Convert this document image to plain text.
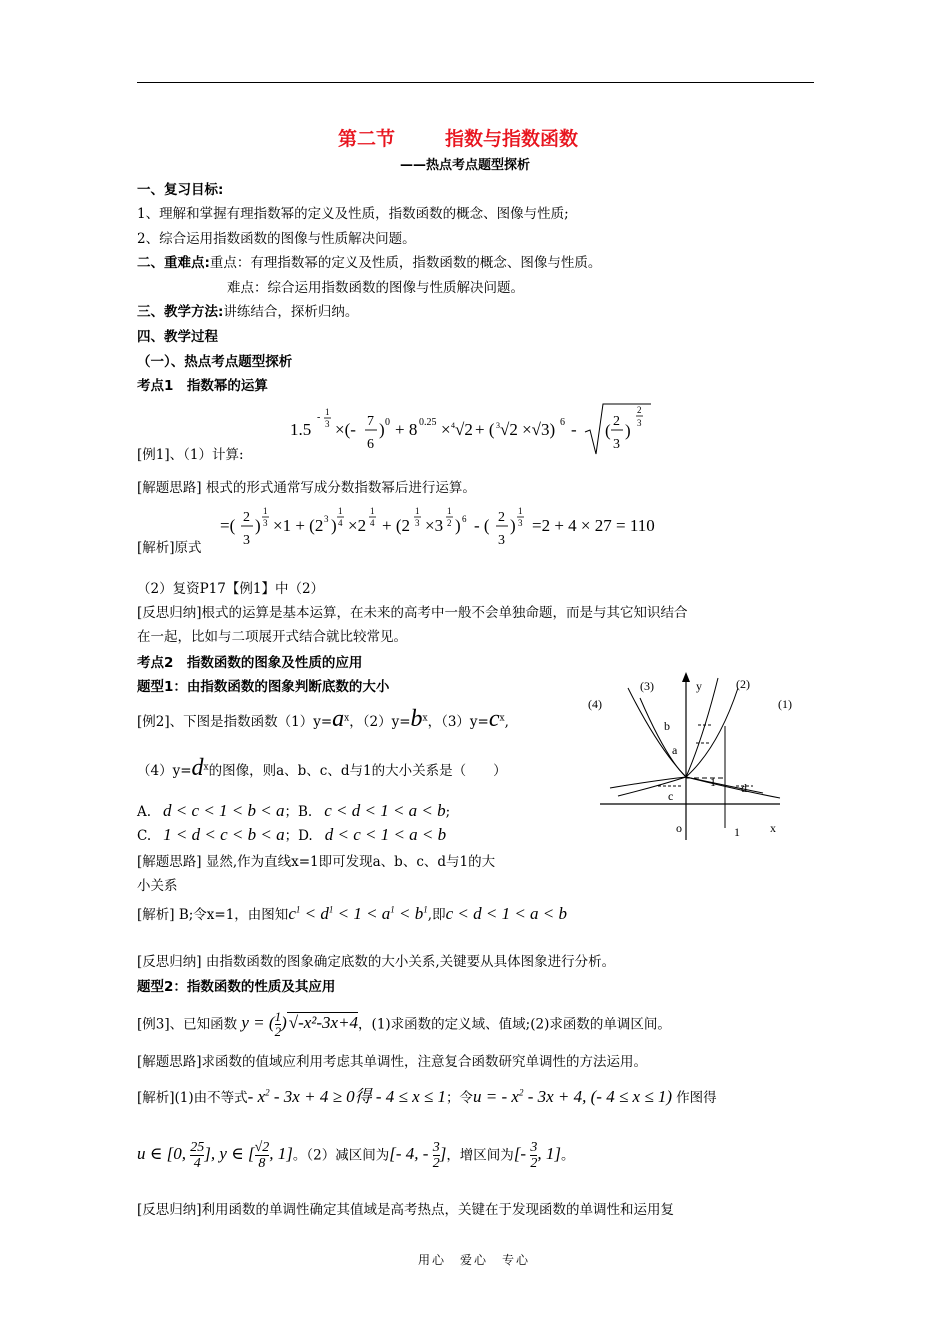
第二节	指数与指数函数
——热点考点题型探析
一、复习目标:
1、理解和掌握有理指数幂的定义及性质，指数函数的概念、图像与性质;
2、综合运用指数函数的图像与性质解决问题。
二、重难点:重点：有理指数幂的定义及性质，指数函数的概念、图像与性质。
难点：综合运用指数函数的图像与性质解决问题。
三、教学方法:讲练结合，探析归纳。
四、教学过程
（一）、热点考点题型探析
考点1　指数幂的运算
1.5
- 1
3 ×(- 7
6
) 0 + 8 0.25 × 4 √2 + ( 3 √2 ×√3) 6 - ( 2
3
)
2
3
[例1]、（1）计算:
[解题思路] 根式的形式通常写成分数指数幂后进行运算。
=( 2
3
)
1
3 ×1 + (2 3 )
1
4 ×2
1
4 + (2
1
3 ×3
1
2 ) 6 - ( 2
3
)
1
3 =2 + 4 × 27 = 110
[解析]原式
（2）复资P17【例1】中（2）
[反思归纳]根式的运算是基本运算，在未来的高考中一般不会单独命题，而是与其它知识结合
在一起，比如与二项展开式结合就比较常见。
考点2　指数函数的图象及性质的应用
题型1：由指数函数的图象判断底数的大小
[例2]、下图是指数函数$(1)y=a^x$，$(2)y=b^x$，$(3)y=c^x$,
$(4)y=d^x$的图像，则a、b、c、d与1的大小关系是（　　）
A. d < c < 1 < b < a；B. c < d < 1 < a < b;
C. 1 < d < c < b < a；D. d < c < 1 < a < b
[解题思路] 显然,作为直线x=1即可发现a、b、c、d与1的大
小关系
[解析] B;令x=1，由图知$c^1 < d^1 < 1 < a^1 < b^1$,即c < d < 1 < a < b
[反思归纳] 由指数函数的图象确定底数的大小关系,关键要从具体图象进行分析。
(3)	y	(2)
(4)	(1)
b
a
1 d
c
o	1	x
题型2：指数函数的性质及其应用
[例3]、已知函数 y = ( $\frac{1}{2}$ ) √-x²-3x+4，(1)求函数的定义域、值域;(2)求函数的单调区间。
[解题思路]求函数的值域应利用考虑其单调性，注意复合函数研究单调性的方法运用。
[解析](1)由不等式- $x^2 - 3x + 4 \ge 0$得 - 4 ≤ x ≤ 1；令u = - $x^2 - 3x + 4$, (- 4 ≤ x ≤ 1) 作图得
u ∈ [0, $\frac{25}{4}$ ], y ∈ [ $\frac{√2}{8}$ , 1]。（2）减区间为[- 4, - $\frac{3}{2}$ ]，增区间为[- $\frac{3}{2}$ , 1]。
[反思归纳]利用函数的单调性确定其值域是高考热点，关键在于发现函数的单调性和运用复
用心　爱心　专心
